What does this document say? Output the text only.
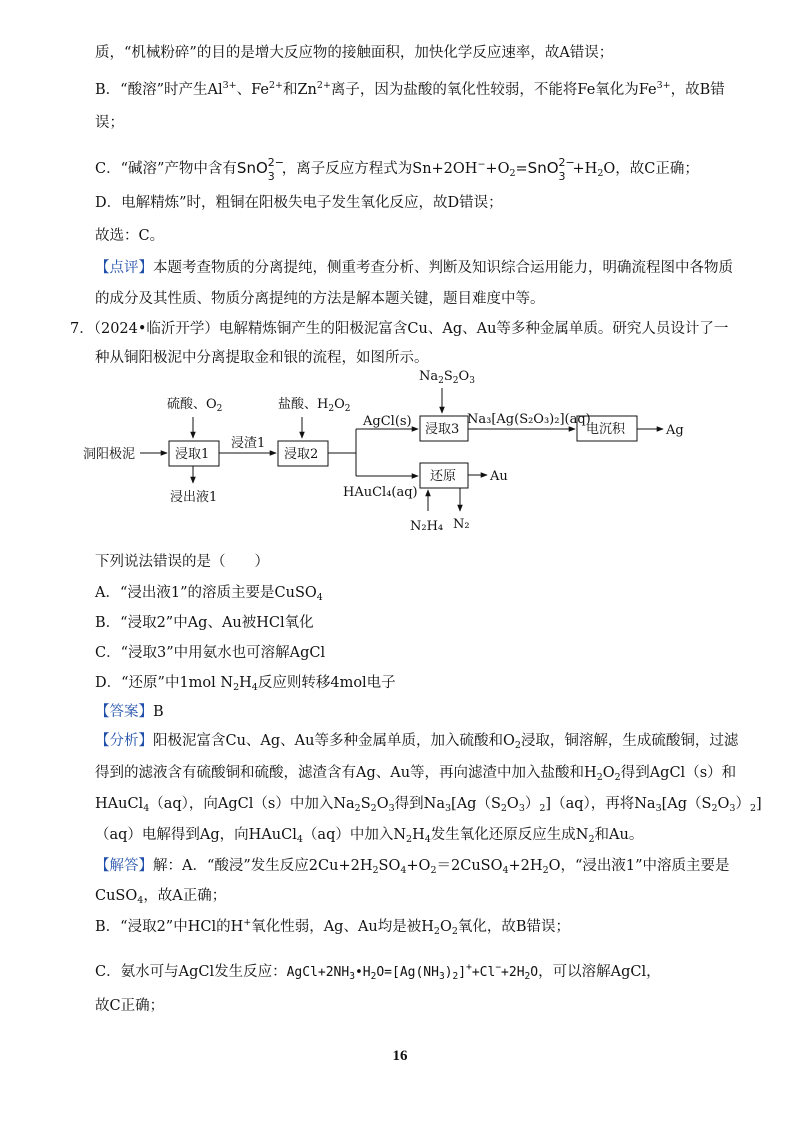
质，“机械粉碎”的目的是增大反应物的接触面积，加快化学反应速率，故A错误；
B．“酸溶”时产生$Al^{3+}$、$Fe^{2+}$和$Zn^{2+}$离子，因为盐酸的氧化性较弱，不能将Fe氧化为$Fe^{3+}$，故B错
误；
C．“碱溶”产物中含有SnO 2−
3 ，离子反应方程式为$Sn+2OH^-+O_2=SnO$ 2−
$3 +H_2O$，故C正确；
D．电解精炼”时，粗铜在阳极失电子发生氧化反应，故D错误；
故选：C。
【点评】本题考查物质的分离提纯，侧重考查分析、判断及知识综合运用能力，明确流程图中各物质
的成分及其性质、物质分离提纯的方法是解本题关键，题目难度中等。
7．（2024•临沂开学）电解精炼铜产生的阳极泥富含Cu、Ag、Au等多种金属单质。研究人员设计了一
种从铜阳极泥中分离提取金和银的流程，如图所示。
$Na_2S_2O_3$
硫酸、$O_2$	盐酸、$H_2O_2$
洞阳极泥	浸取1
浸渣1
浸出液1
浸取2
AgCl(s)
浸取3
Na₃[Ag(S₂O₃)₂](aq)
电沉积	Ag
HAuCl₄(aq)
还原	Au
N₂H₄ N₂
下列说法错误的是（　　）
A．“浸出液1”的溶质主要是CuSO$_4$
B．“浸取2”中Ag、Au被HCl氧化
C．“浸取3”中用氨水也可溶解AgCl
D．“还原”中1mol $N_2H_4$反应则转移4mol电子
【答案】B
【分析】阳极泥富含Cu、Ag、Au等多种金属单质，加入硫酸和$O_2$浸取，铜溶解，生成硫酸铜，过滤
得到的滤液含有硫酸铜和硫酸，滤渣含有Ag、Au等，再向滤渣中加入盐酸和$H_2O_2$得到AgCl（s）和
HAuCl$_4$（aq），向AgCl（s）中加入$Na_2S_2O_3$得到$Na_3[Ag(S_2O_3)_2](aq)$，再将$Na_3[Ag(S_2O_3)_2]$
（aq）电解得到Ag，向HAuCl$_4$（aq）中加入$N_2H_4$发生氧化还原反应生成$N_2$和Au。
【解答】解：A．“酸浸”发生反应$2Cu+2H_2SO_4+O_2=2CuSO_4+2H_2O$，“浸出液1”中溶质主要是
CuSO$_4$，故A正确；
B．“浸取2”中HCl的H+氧化性弱，Ag、Au均是被$H_2O_2$氧化，故B错误；
C．氨水可与AgCl发生反应：$AgCl+2NH_3•H_2O=[Ag(NH_3)_2]^++Cl^-+2H_2O$，可以溶解AgCl，
故C正确；
16
